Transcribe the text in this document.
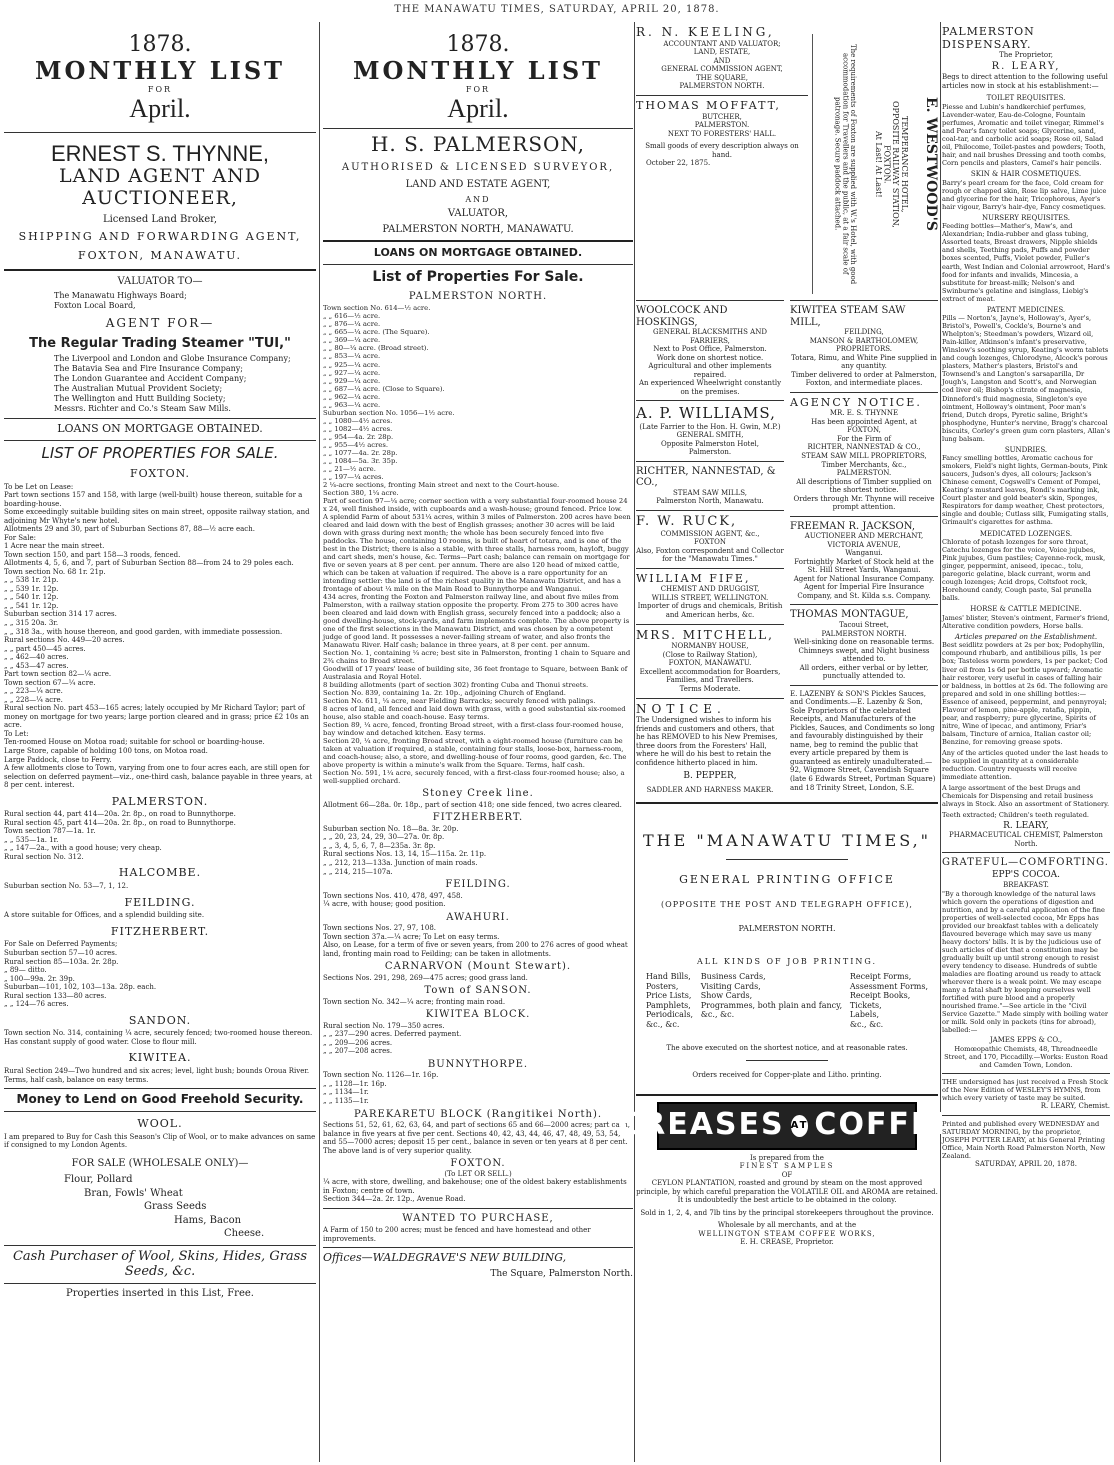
THE MANAWATU TIMES, SATURDAY, APRIL 20, 1878.
1878.
MONTHLY LIST
FOR
April.
ERNEST S. THYNNE,
LAND AGENT AND AUCTIONEER,
Licensed Land Broker,
SHIPPING AND FORWARDING AGENT,
FOXTON, MANAWATU.
VALUATOR TO—
The Manawatu Highways Board;
Foxton Local Board,
AGENT FOR—
The Regular Trading Steamer "TUI,"
The Liverpool and London and Globe Insurance Company;
The Batavia Sea and Fire Insurance Company;
The London Guarantee and Accident Company;
The Australian Mutual Provident Society;
The Wellington and Hutt Building Society;
Messrs. Richter and Co.'s Steam Saw Mills.
LOANS ON MORTGAGE OBTAINED.
LIST OF PROPERTIES FOR SALE.
FOXTON.
To be Let on Lease:
Part town sections 157 and 158, with large (well-built) house thereon, suitable for a boarding-house.
Some exceedingly suitable building sites on main street, opposite railway station, and adjoining Mr Whyte's new hotel.
Allotments 29 and 30, part of Suburban Sections 87, 88—½ acre each.
For Sale:
1 Acre near the main street.
Town section 150, and part 158—3 roods, fenced.
Allotments 4, 5, 6, and 7, part of Suburban Section 88—from 24 to 29 poles each.
Town section No. 68 1r. 21p.
„ „ 538 1r. 21p.
„ „ 539 1r. 12p.
„ „ 540 1r. 12p.
„ „ 541 1r. 12p.
Suburban section 314 17 acres.
„ „ 315 20a. 3r.
„ „ 318 3a., with house thereon, and good garden, with immediate possession.
Rural sections No. 449—20 acres.
„ „ part 450—45 acres.
„ „ 462—40 acres.
„ „ 453—47 acres.
Part town section 82—¼ acre.
Town section 67—¼ acre.
„ „ 223—¼ acre.
„ „ 228—¼ acre.
Rural section No. part 453—165 acres; lately occupied by Mr Richard Taylor; part of money on mortgage for two years; large portion cleared and in grass; price £2 10s an acre.
To Let:
Ten-roomed House on Motoa road; suitable for school or boarding-house.
Large Store, capable of holding 100 tons, on Motoa road.
Large Paddock, close to Ferry.
A few allotments close to Town, varying from one to four acres each, are still open for selection on deferred payment—viz., one-third cash, balance payable in three years, at 8 per cent. interest.
PALMERSTON.
Rural section 44, part 414—20a. 2r. 8p., on road to Bunnythorpe.
Rural section 45, part 414—20a. 2r. 8p., on road to Bunnythorpe.
Town section 787—1a. 1r.
„ „ 535—1a. 1r.
„ „ 147—2a., with a good house; very cheap.
Rural section No. 312.
HALCOMBE.
Suburban section No. 53—7, 1, 12.
FEILDING.
A store suitable for Offices, and a splendid building site.
FITZHERBERT.
For Sale on Deferred Payments;
Suburban section 57—10 acres.
Rural section 85—103a. 2r. 28p.
„ 89— ditto.
„ 100—99a. 2r. 39p.
Suburban—101, 102, 103—13a. 28p. each.
Rural section 133—80 acres.
„ „ 124—76 acres.
SANDON.
Town section No. 314, containing ¼ acre, securely fenced; two-roomed house thereon. Has constant supply of good water. Close to flour mill.
KIWITEA.
Rural Section 249—Two hundred and six acres; level, light bush; bounds Oroua River. Terms, half cash, balance on easy terms.
Money to Lend on Good Freehold Security.
WOOL.
I am prepared to Buy for Cash this Season's Clip of Wool, or to make advances on same if consigned to my London Agents.
FOR SALE (WHOLESALE ONLY)—
Flour, Pollard
Bran, Fowls' Wheat
Grass Seeds
Hams, Bacon
Cheese.
Cash Purchaser of Wool, Skins, Hides, Grass Seeds, &c.
Properties inserted in this List, Free.
1878.
MONTHLY LIST
FOR
April.
H. S. PALMERSON,
AUTHORISED & LICENSED SURVEYOR,
LAND AND ESTATE AGENT,
AND
VALUATOR,
PALMERSTON NORTH, MANAWATU.
LOANS ON MORTGAGE OBTAINED.
List of Properties For Sale.
PALMERSTON NORTH.
Town section No. 614—½ acre.
„ „ 616—½ acre.
„ „ 876—¼ acre.
„ „ 665—¼ acre. (The Square).
„ „ 369—¼ acre.
„ „ 80—¼ acre. (Broad street).
„ „ 853—¼ acre.
„ „ 925—¼ acre.
„ „ 927—¼ acre.
„ „ 929—¼ acre.
„ „ 687—¼ acre. (Close to Square).
„ „ 962—¼ acre.
„ „ 963—¼ acre.
Suburban section No. 1056—1½ acre.
„ „ 1080—4½ acres.
„ „ 1082—4½ acres.
„ „ 954—4a. 2r. 28p.
„ „ 955—4½ acres.
„ „ 1077—4a. 2r. 28p.
„ „ 1084—5a. 3r. 35p.
„ „ 21—½ acre.
„ „ 197—¼ acres.
2 ¼-acre sections, fronting Main street and next to the Court-house.
Section 380, 1¼ acre.
Part of section 97—¼ acre; corner section with a very substantial four-roomed house 24 x 24, well finished inside, with cupboards and a wash-house; ground fenced. Price low.
A splendid Farm of about 531¼ acres, within 3 miles of Palmerston. 200 acres have been cleared and laid down with the best of English grasses; another 30 acres will be laid down with grass during next month; the whole has been securely fenced into five paddocks. The house, containing 10 rooms, is built of heart of totara, and is one of the best in the District; there is also a stable, with three stalls, harness room, hayloft, buggy and cart sheds, men's house, &c. Terms—Part cash; balance can remain on mortgage for five or seven years at 8 per cent. per annum. There are also 120 head of mixed cattle, which can be taken at valuation if required. The above is a rare opportunity for an intending settler: the land is of the richest quality in the Manawatu District, and has a frontage of about ¼ mile on the Main Road to Bunnythorpe and Wanganui.
434 acres, fronting the Foxton and Palmerston railway line, and about five miles from Palmerston, with a railway station opposite the property. From 275 to 300 acres have been cleared and laid down with English grass, securely fenced into a paddock; also a good dwelling-house, stock-yards, and farm implements complete. The above property is one of the first selections in the Manawatu District, and was chosen by a competent judge of good land. It possesses a never-failing stream of water, and also fronts the Manawatu River. Half cash; balance in three years, at 8 per cent. per annum.
Section No. 1, containing ¼ acre; best site in Palmerston, fronting 1 chain to Square and 2¾ chains to Broad street.
Goodwill of 17 years' lease of building site, 36 feet frontage to Square, between Bank of Australasia and Royal Hotel.
8 building allotments (part of section 302) fronting Cuba and Thonui streets.
Section No. 839, containing 1a. 2r. 10p., adjoining Church of England.
Section No. 611, ¼ acre, near Fielding Barracks; securely fenced with palings.
8 acres of land, all fenced and laid down with grass, with a good substantial six-roomed house, also stable and coach-house. Easy terms.
Section 89, ¼ acre, fenced, fronting Broad street, with a first-class four-roomed house, bay window and detached kitchen. Easy terms.
Section 20, ¼ acre, fronting Broad street, with a eight-roomed house (furniture can be taken at valuation if required, a stable, containing four stalls, loose-box, harness-room, and coach-house; also, a store, and dwelling-house of four rooms, good garden, &c. The above property is within a minute's walk from the Square. Terms, half cash.
Section No. 591, 1¼ acre, securely fenced, with a first-class four-roomed house; also, a well-supplied orchard.
Stoney Creek line.
Allotment 66—28a. 0r. 18p., part of section 418; one side fenced, two acres cleared.
FITZHERBERT.
Suburban section No. 18—8a. 3r. 20p.
„ „ 20, 23, 24, 29, 30—27a. 0r. 8p.
„ „ 3, 4, 5, 6, 7, 8—235a. 3r. 8p.
Rural sections Nos. 13, 14, 15—115a. 2r. 11p.
„ „ 212, 213—133a. Junction of main roads.
„ „ 214, 215—107a.
FEILDING.
Town sections Nos. 410, 478, 497, 458.
¼ acre, with house; good position.
AWAHURI.
Town sections Nos. 27, 97, 108.
Town section 37a.—¼ acre; To Let on easy terms.
Also, on Lease, for a term of five or seven years, from 200 to 276 acres of good wheat land, fronting main road to Feilding; can be taken in allotments.
CARNARVON (Mount Stewart).
Sections Nos. 291, 298, 269—475 acres; good grass land.
Town of SANSON.
Town section No. 342—¼ acre; fronting main road.
KIWITEA BLOCK.
Rural section No. 179—350 acres.
„ „ 237—290 acres. Deferred payment.
„ „ 209—206 acres.
„ „ 207—208 acres.
BUNNYTHORPE.
Town section No. 1126—1r. 16p.
„ „ 1128—1r. 16p.
„ „ 1134—1r.
„ „ 1135—1r.
PAREKARETU BLOCK (Rangitikei North).
Sections 51, 52, 61, 62, 63, 64, and part of sections 65 and 66—2000 acres; part cash, balance in five years at five per cent. Sections 40, 42, 43, 44, 46, 47, 48, 49, 53, 54, and 55—7000 acres; deposit 15 per cent., balance in seven or ten years at 8 per cent. The above land is of very superior quality.
FOXTON.
(To LET OR SELL.)
¼ acre, with store, dwelling, and bakehouse; one of the oldest bakery establishments in Foxton; centre of town.
Section 344—2a. 2r. 12p., Avenue Road.
WANTED TO PURCHASE,
A Farm of 150 to 200 acres; must be fenced and have homestead and other improvements.
Offices—WALDEGRAVE'S NEW BUILDING,
The Square, Palmerston North.
R. N. KEELING,
ACCOUNTANT AND VALUATOR;
LAND, ESTATE,
AND
GENERAL COMMISSION AGENT,
THE SQUARE,
PALMERSTON NORTH.
THOMAS MOFFATT,
BUTCHER,
PALMERSTON.
NEXT TO FORESTERS' HALL.
Small goods of every description always on hand.
October 22, 1875.	E. WESTWOOD'S
TEMPERANCE HOTEL,
OPPOSITE RAILWAY STATION,
FOXTON.
At Last! At Last!
The requirements of Foxton are supplied with W.'s Hotel, with good accommodation for Travellers and the public, at a fair scale of patronage. Secure paddock attached.
WOOLCOCK AND HOSKINGS,
GENERAL BLACKSMITHS AND FARRIERS,
Next to Post Office, Palmerston.
Work done on shortest notice.
Agricultural and other implements repaired.
An experienced Wheelwright constantly on the premises.
A. P. WILLIAMS,
(Late Farrier to the Hon. H. Gwin, M.P.)
GENERAL SMITH,
Opposite Palmerston Hotel,
Palmerston.
RICHTER, NANNESTAD, & CO.,
STEAM SAW MILLS,
Palmerston North, Manawatu.
F. W. RUCK,
COMMISSION AGENT, &c.,
FOXTON
Also, Foxton correspondent and Collector for the "Manawatu Times."
WILLIAM FIFE,
CHEMIST AND DRUGGIST,
WILLIS STREET, WELLINGTON.
Importer of drugs and chemicals, British and American herbs, &c.
MRS. MITCHELL,
NORMANBY HOUSE,
(Close to Railway Station),
FOXTON, MANAWATU.
Excellent accommodation for Boarders, Families, and Travellers.
Terms Moderate.
NOTICE.
The Undersigned wishes to inform his friends and customers and others, that he has REMOVED to his New Premises, three doors from the Foresters' Hall, where he will do his best to retain the confidence hitherto placed in him.
B. PEPPER,
SADDLER AND HARNESS MAKER.
KIWITEA STEAM SAW MILL,
FEILDING,
MANSON & BARTHOLOMEW,
PROPRIETORS.
Totara, Rimu, and White Pine supplied in any quantity.
Timber delivered to order at Palmerston, Foxton, and intermediate places.
AGENCY NOTICE.
MR. E. S. THYNNE
Has been appointed Agent, at
FOXTON,
For the Firm of
RICHTER, NANNESTAD & CO.,
STEAM SAW MILL PROPRIETORS,
Timber Merchants, &c.,
PALMERSTON.
All descriptions of Timber supplied on the shortest notice.
Orders through Mr. Thynne will receive prompt attention.
FREEMAN R. JACKSON,
AUCTIONEER AND MERCHANT,
VICTORIA AVENUE,
Wanganui.
Fortnightly Market of Stock held at the St. Hill Street Yards, Wanganui.
Agent for National Insurance Company.
Agent for Imperial Fire Insurance Company, and St. Kilda s.s. Company.
THOMAS MONTAGUE,
Tacoui Street,
PALMERSTON NORTH.
Well-sinking done on reasonable terms. Chimneys swept, and Night business attended to.
All orders, either verbal or by letter, punctually attended to.
E. LAZENBY & SON'S Pickles Sauces, and Condiments.—E. Lazenby & Son, Sole Proprietors of the celebrated Receipts, and Manufacturers of the Pickles, Sauces, and Condiments so long and favourably distinguished by their name, beg to remind the public that every article prepared by them is guaranteed as entirely unadulterated.—92, Wigmore Street, Cavendish Square (late 6 Edwards Street, Portman Square) and 18 Trinity Street, London, S.E.
THE "MANAWATU TIMES,"
GENERAL PRINTING OFFICE
(OPPOSITE THE POST AND TELEGRAPH OFFICE),
PALMERSTON NORTH.
ALL KINDS OF JOB PRINTING.
Hand Bills,
Posters,
Price Lists,
Pamphlets,
Periodicals,
&c., &c.
Business Cards,
Visiting Cards,
Show Cards,
Programmes, both plain and fancy,
&c., &c.
Receipt Forms,
Assessment Forms,
Receipt Books,
Tickets,
Labels,
&c., &c.
The above executed on the shortest notice, and at reasonable rates.
Orders received for Copper-plate and Litho. printing.
CREASES AT COFFEE
Is prepared from the
FINEST SAMPLES
OF
CEYLON PLANTATION, roasted and ground by steam on the most approved principle, by which careful preparation the VOLATILE OIL and AROMA are retained. It is undoubtedly the best article to be obtained in the colony.
Sold in 1, 2, 4, and 7lb tins by the principal storekeepers throughout the province.
Wholesale by all merchants, and at the
WELLINGTON STEAM COFFEE WORKS,
E. H. CREASE, Proprietor.
PALMERSTON DISPENSARY.
The Proprietor,
R. LEARY,
Begs to direct attention to the following useful articles now in stock at his establishment:—
TOILET REQUISITES.
Piesse and Lubin's handkerchief perfumes, Lavender-water, Eau-de-Cologne, Fountain perfumes, Aromatic and toilet vinegar, Rimmel's and Pear's fancy toilet soaps; Glycerine, sand, coal-tar, and carbolic acid soaps; Rose oil, Salad oil, Philocome, Toilet-pastes and powders; Tooth, hair, and nail brushes Dressing and tooth combs, Corn pencils and plasters, Camel's hair pencils.
SKIN & HAIR COSMETIQUES.
Barry's pearl cream for the face, Cold cream for rough or chapped skin, Rose lip salve, Lime juice and glycerine for the hair, Tricophorous, Ayer's hair vigour, Barry's hair-dye, Fancy cosmetiques.
NURSERY REQUISITES.
Feeding bottles—Mather's, Maw's, and Alexandrian; India-rubber and glass tubing, Assorted teats, Breast drawers, Nipple shields and shells, Teething pads, Puffs and powder boxes scented, Puffs, Violet powder, Fuller's earth, West Indian and Colonial arrowroot, Hard's food for infants and invalids, Mincesia, a substitute for breast-milk; Nelson's and Swinburne's gelatine and isinglass, Liebig's extract of meat.
PATENT MEDICINES.
Pills — Norton's, Jayne's, Holloway's, Ayer's, Bristol's, Powell's, Cockle's, Bourne's and Whelpton's; Steedman's powders, Wizard oil, Pain-killer, Atkinson's infant's preservative, Winslow's soothing syrup, Keating's worm tablets and cough lozenges, Chlorodyne, Alcock's porous plasters, Mather's plasters, Bristol's and Townsend's and Langton's sarsaparilla, Dr Jough's, Langston and Scott's, and Norwegian cod liver oil; Bishop's citrate of magnesia, Dinneford's fluid magnesia, Singleton's eye ointment, Holloway's ointment, Poor man's friend, Dutch drops, Pyretic saline, Bright's phosphodyne, Hunter's nervine, Bragg's charcoal biscuits, Corley's green gum corn plasters, Allan's lung balsam.
SUNDRIES.
Fancy smelling bottles, Aromatic cachous for smokers, Field's night lights, German-bouts, Pink saucers, Judson's dyes, all colours; Jackson's Chinese cement, Cogswell's Cement of Pompei, Keating's mustard leaves, Rondi's marking ink, Court plaster and gold beater's skin, Sponges, Respirators for damp weather, Chest protectors, single and double; Cutlass silk, Fumigating stalls, Grimault's cigarettes for asthma.
MEDICATED LOZENGES.
Chlorate of potash lozenges for sore throat, Catechu lozenges for the voice, Voice jujubes, Pink jujubes, Gum pastiles; Cayenne-rock, musk, ginger, peppermint, aniseed, ipecac., tolu, paregoric gelatine, black currant, worm and cough lozenges; Acid drops, Coltsfoot rock, Horehound candy, Cough paste, Sal prunella balls.
HORSE & CATTLE MEDICINE.
James' blister, Steven's ointment, Farmer's friend, Alterative condition powders, Horse balls.
Articles prepared on the Establishment.
Best seidlitz powders at 2s per box; Podophyllin, compound rhubarb, and antibilious pills, 1s per box; Tasteless worm powders, 1s per packet; Cod liver oil from 1s 6d per bottle upward; Aromatic hair restorer, very useful in cases of falling hair or baldness, in bottles at 2s 6d. The following are prepared and sold in one shilling bottles:—Essence of aniseed, peppermint, and pennyroyal; Flavour of lemon, pine-apple, ratafia, pippin, pear, and raspberry; pure glycerine, Spirits of nitre, Wine of ipecac, and antimony, Friar's balsam, Tincture of arnica, Italian castor oil; Benzine, for removing grease spots.
Any of the articles quoted under the last heads to be supplied in quantity at a considerable reduction. Country requests will receive immediate attention.
A large assortment of the best Drugs and Chemicals for Dispensing and retail business always in Stock. Also an assortment of Stationery.
Teeth extracted; Children's teeth regulated.
R. LEARY,
PHARMACEUTICAL CHEMIST, Palmerston North.
GRATEFUL—COMFORTING.
EPP'S COCOA.
BREAKFAST.
"By a thorough knowledge of the natural laws which govern the operations of digestion and nutrition, and by a careful application of the fine properties of well-selected cocoa, Mr Epps has provided our breakfast tables with a delicately flavoured beverage which may save us many heavy doctors' bills. It is by the judicious use of such articles of diet that a constitution may be gradually built up until strong enough to resist every tendency to disease. Hundreds of subtle maladies are floating around us ready to attack wherever there is a weak point. We may escape many a fatal shaft by keeping ourselves well fortified with pure blood and a properly nourished frame."—See article in the "Civil Service Gazette." Made simply with boiling water or milk. Sold only in packets (tins for abroad), labelled:—
JAMES EPPS & CO.,
Homœopathic Chemists, 48, Threadneedle Street, and 170, Piccadilly.—Works: Euston Road and Camden Town, London.
THE undersigned has just received a Fresh Stock of the New Edition of WESLEY'S HYMNS, from which every variety of taste may be suited.
R. LEARY, Chemist.
Printed and published every WEDNESDAY and SATURDAY MORNING, by the proprietor, JOSEPH POTTER LEARY, at his General Printing Office, Main North Road Palmerston North, New Zealand.
SATURDAY, APRIL 20, 1878.
